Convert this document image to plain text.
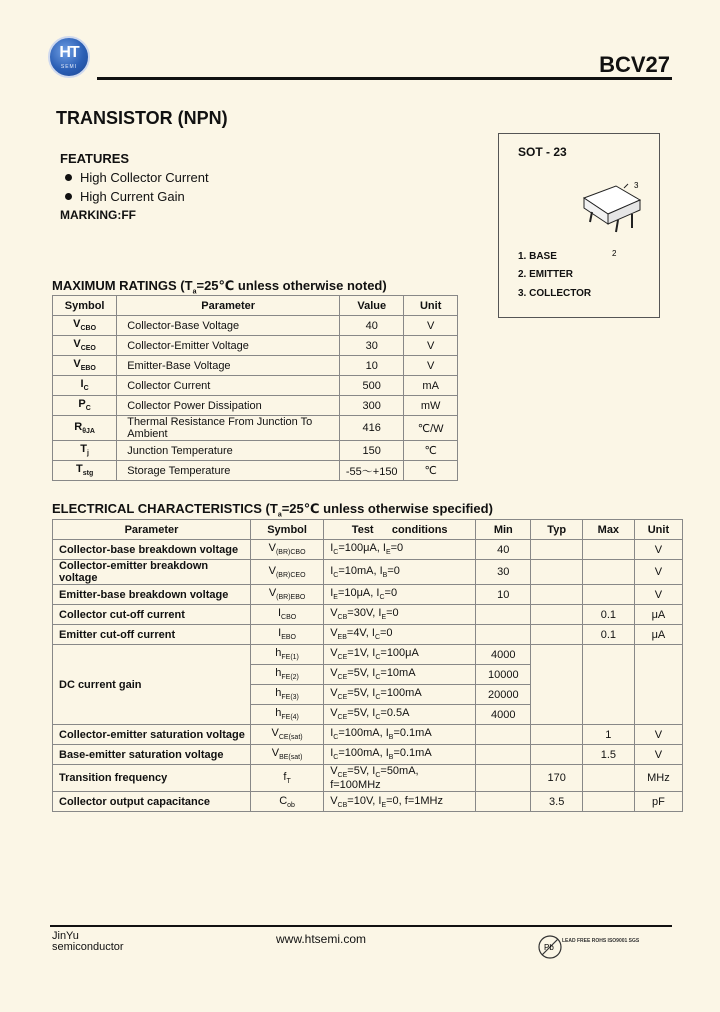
HT
SEMI	BCV27
TRANSISTOR (NPN)
FEATURES
High Collector Current
High Current Gain
MARKING:FF
SOT - 23
3
2
1. BASE
2. EMITTER
3. COLLECTOR
MAXIMUM RATINGS ($T_a=25℃$ unless otherwise noted)
Symbol	Parameter	Value	Unit
$V_{CBO}$	Collector-Base Voltage	40	V
$V_{CEO}$	Collector-Emitter Voltage	30	V
$V_{EBO}$	Emitter-Base Voltage	10	V
$I_C$	Collector Current	500	mA
$P_C$	Collector Power Dissipation	300	mW
$R_{\theta JA}$	Thermal Resistance From Junction To Ambient	416	℃/W
$T_j$	Junction Temperature	150	℃
$T_{stg}$	Storage Temperature	-55～+150	℃
ELECTRICAL CHARACTERISTICS ($T_a=25℃$ unless otherwise specified)
Parameter	Symbol	Test      conditions	Min	Typ	Max	Unit
Collector-base breakdown voltage	$V_{(BR)CBO}$	$I_C=100\mu A$, $I_E=0$	40			V
Collector-emitter breakdown voltage	$V_{(BR)CEO}$	$I_C=10mA$, $I_B=0$	30			V
Emitter-base breakdown voltage	$V_{(BR)EBO}$	$I_E=10\mu A$, $I_C=0$	10			V
Collector cut-off current	$I_{CBO}$	$V_{CB}=30V$, $I_E=0$			0.1	μA
Emitter cut-off current	$I_{EBO}$	$V_{EB}=4V$, $I_C=0$			0.1	μA
DC current gain	$h_{FE(1)}$	$V_{CE}=1V$, $I_C=100\mu A$	4000			
	$h_{FE(2)}$	$V_{CE}=5V$, $I_C=10mA$	10000			
	$h_{FE(3)}$	$V_{CE}=5V$, $I_C=100mA$	20000			
	$h_{FE(4)}$	$V_{CE}=5V$, $I_C=0.5A$	4000			
Collector-emitter saturation voltage	$V_{CE(sat)}$	$I_C=100mA$, $I_B=0.1mA$			1	V
Base-emitter saturation voltage	$V_{BE(sat)}$	$I_C=100mA$, $I_B=0.1mA$			1.5	V
Transition frequency	$f_T$	$V_{CE}=5V$, $I_C=50mA$, f=100MHz		170		MHz
Collector output capacitance	$C_{ob}$	$V_{CB}=10V$, $I_E=0$, f=1MHz		3.5		pF
JinYu
semiconductor
www.htsemi.com
Pb
LEAD FREE ROHS ISO9001 SGS
